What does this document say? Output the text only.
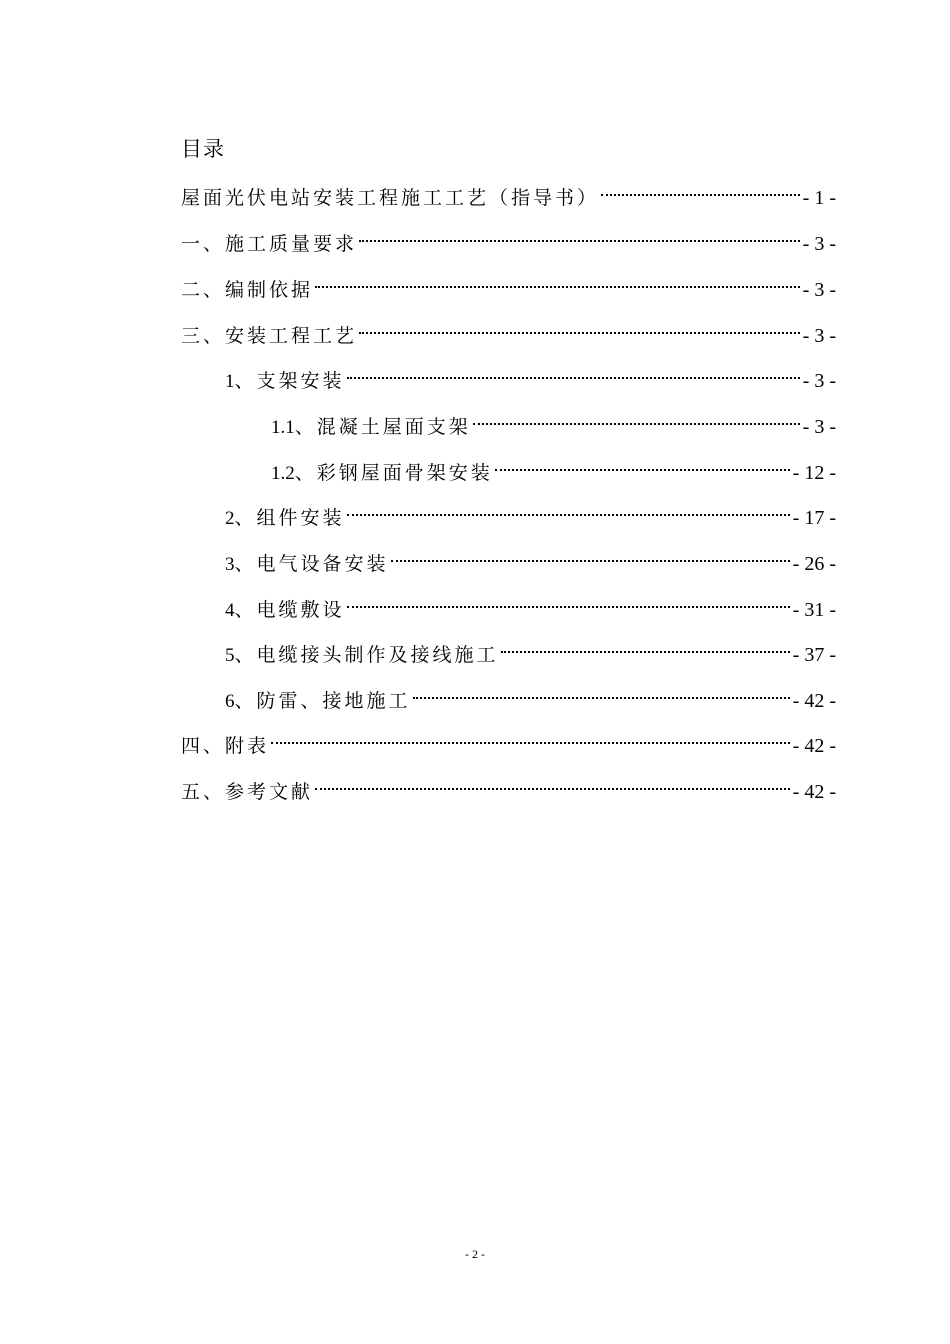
目录
屋面光伏电站安装工程施工工艺（指导书）	- 1 -
一、施工质量要求	- 3 -
二、编制依据	- 3 -
三、安装工程工艺	- 3 -
1、支架安装	- 3 -
1.1、混凝土屋面支架	- 3 -
1.2、彩钢屋面骨架安装	- 12 -
2、组件安装	- 17 -
3、电气设备安装	- 26 -
4、电缆敷设	- 31 -
5、电缆接头制作及接线施工	- 37 -
6、防雷、接地施工	- 42 -
四、附表	- 42 -
五、参考文献	- 42 -
- 2 -
